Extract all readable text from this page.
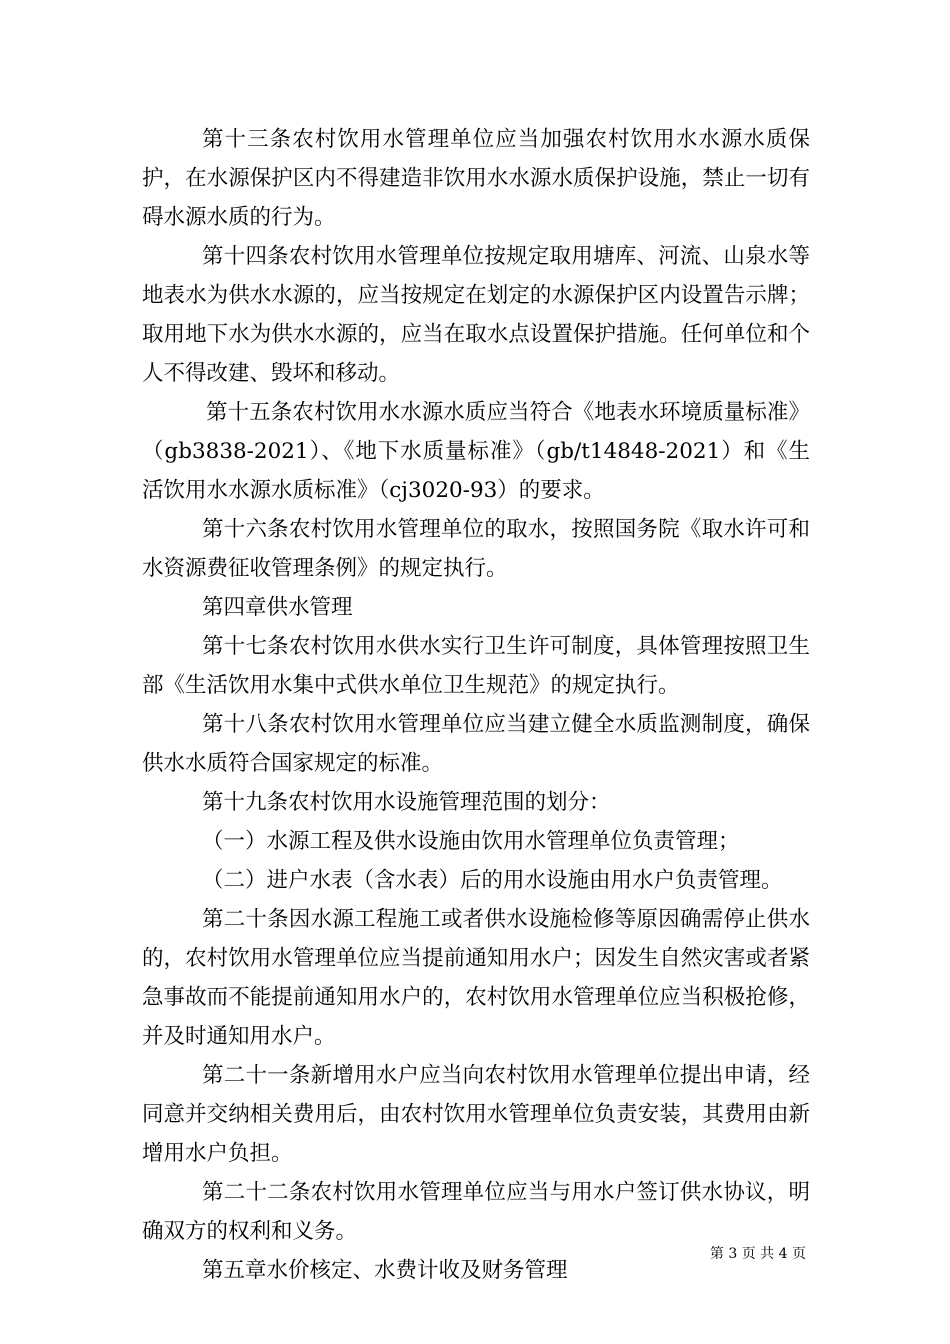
第十三条农村饮用水管理单位应当加强农村饮用水水源水质保护，在水源保护区内不得建造非饮用水水源水质保护设施，禁止一切有碍水源水质的行为。

第十四条农村饮用水管理单位按规定取用塘库、河流、山泉水等地表水为供水水源的，应当按规定在划定的水源保护区内设置告示牌；取用地下水为供水水源的，应当在取水点设置保护措施。任何单位和个人不得改建、毁坏和移动。

第十五条农村饮用水水源水质应当符合《地表水环境质量标准》（gb3838-2021）、《地下水质量标准》（gb/t14848-2021）和《生活饮用水水源水质标准》（cj3020-93）的要求。

第十六条农村饮用水管理单位的取水，按照国务院《取水许可和水资源费征收管理条例》的规定执行。

第四章供水管理

第十七条农村饮用水供水实行卫生许可制度，具体管理按照卫生部《生活饮用水集中式供水单位卫生规范》的规定执行。

第十八条农村饮用水管理单位应当建立健全水质监测制度，确保供水水质符合国家规定的标准。

第十九条农村饮用水设施管理范围的划分：

（一）水源工程及供水设施由饮用水管理单位负责管理；

（二）进户水表（含水表）后的用水设施由用水户负责管理。

第二十条因水源工程施工或者供水设施检修等原因确需停止供水的，农村饮用水管理单位应当提前通知用水户；因发生自然灾害或者紧急事故而不能提前通知用水户的，农村饮用水管理单位应当积极抢修，并及时通知用水户。

第二十一条新增用水户应当向农村饮用水管理单位提出申请，经同意并交纳相关费用后，由农村饮用水管理单位负责安装，其费用由新增用水户负担。

第二十二条农村饮用水管理单位应当与用水户签订供水协议，明确双方的权利和义务。

第五章水价核定、水费计收及财务管理

第 3 页 共 4 页
